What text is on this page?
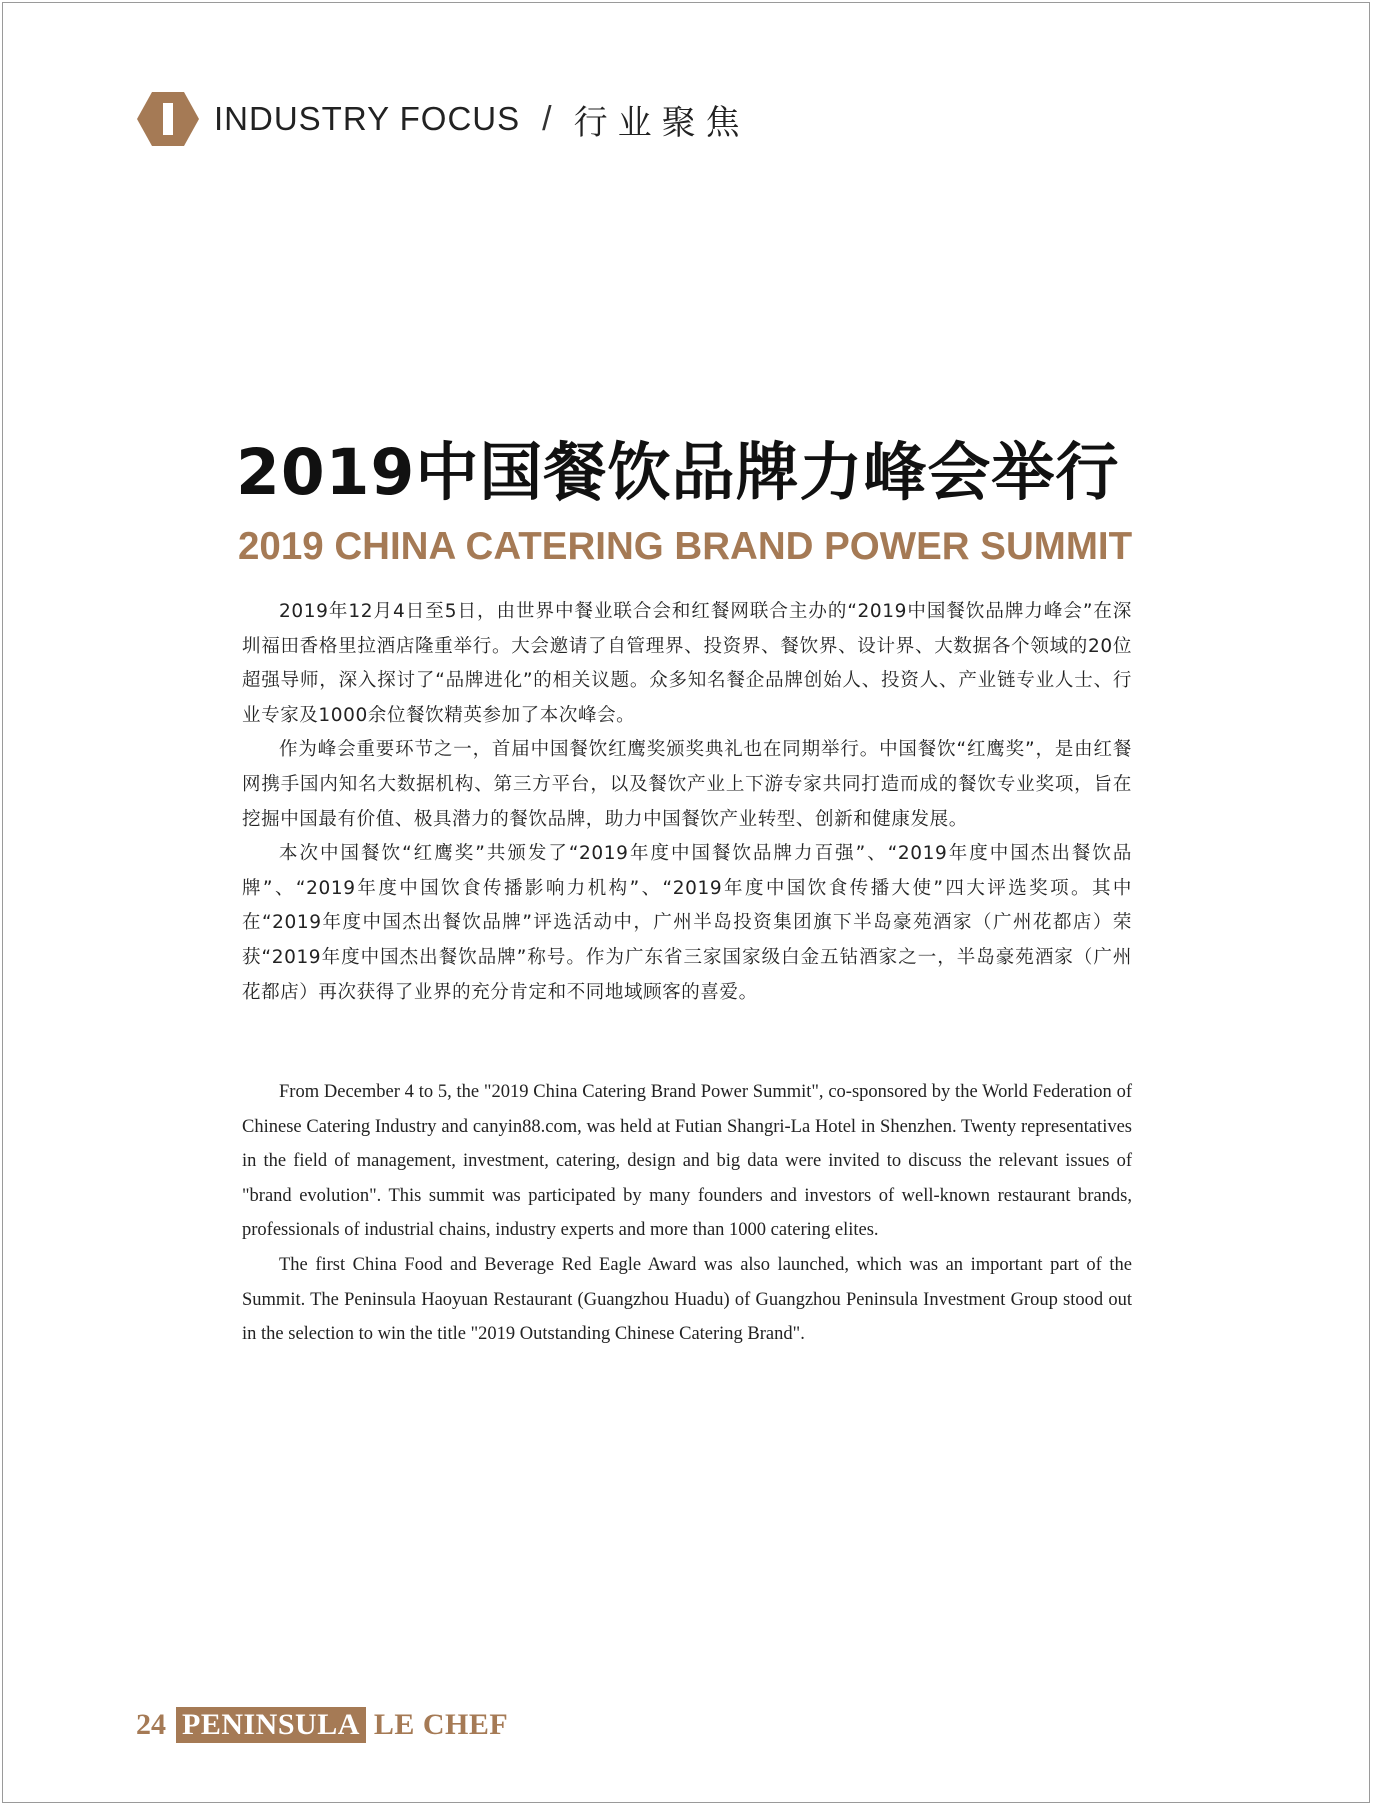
INDUSTRY FOCUS / 行业聚焦
2019中国餐饮品牌力峰会举行
2019 CHINA CATERING BRAND POWER SUMMIT

2019年12月4日至5日，由世界中餐业联合会和红餐网联合主办的“2019中国餐饮品牌力峰会”在深圳福田香格里拉酒店隆重举行。大会邀请了自管理界、投资界、餐饮界、设计界、大数据各个领域的20位超强导师，深入探讨了“品牌进化”的相关议题。众多知名餐企品牌创始人、投资人、产业链专业人士、行业专家及1000余位餐饮精英参加了本次峰会。

作为峰会重要环节之一，首届中国餐饮红鹰奖颁奖典礼也在同期举行。中国餐饮“红鹰奖”，是由红餐网携手国内知名大数据机构、第三方平台，以及餐饮产业上下游专家共同打造而成的餐饮专业奖项，旨在挖掘中国最有价值、极具潜力的餐饮品牌，助力中国餐饮产业转型、创新和健康发展。

本次中国餐饮“红鹰奖”共颁发了“2019年度中国餐饮品牌力百强”、“2019年度中国杰出餐饮品牌”、“2019年度中国饮食传播影响力机构”、“2019年度中国饮食传播大使”四大评选奖项。其中在“2019年度中国杰出餐饮品牌”评选活动中，广州半岛投资集团旗下半岛豪苑酒家（广州花都店）荣获“2019年度中国杰出餐饮品牌”称号。作为广东省三家国家级白金五钻酒家之一，半岛豪苑酒家（广州花都店）再次获得了业界的充分肯定和不同地域顾客的喜爱。

From December 4 to 5, the "2019 China Catering Brand Power Summit", co-sponsored by the World Federation of Chinese Catering Industry and canyin88.com, was held at Futian Shangri-La Hotel in Shenzhen. Twenty representatives in the field of management, investment, catering, design and big data were invited to discuss the relevant issues of "brand evolution". This summit was participated by many founders and investors of well-known restaurant brands, professionals of industrial chains, industry experts and more than 1000 catering elites.

The first China Food and Beverage Red Eagle Award was also launched, which was an important part of the Summit. The Peninsula Haoyuan Restaurant (Guangzhou Huadu) of Guangzhou Peninsula Investment Group stood out in the selection to win the title "2019 Outstanding Chinese Catering Brand".

24 PENINSULA LE CHEF
